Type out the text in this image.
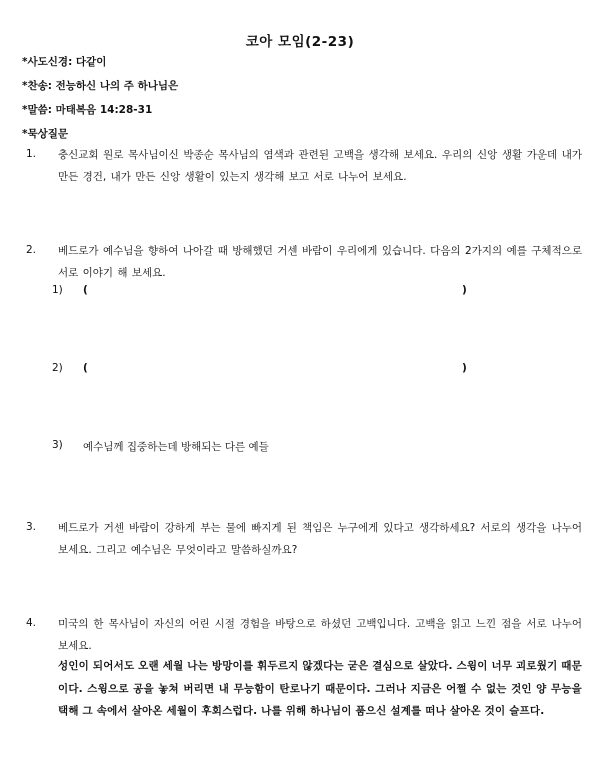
코아 모임(2-23)
*사도신경: 다같이
*찬송: 전능하신 나의 주 하나님은
*말씀: 마태복음 14:28-31
*묵상질문
1.	충신교회 원로 목사님이신 박종순 목사님의 염색과 관련된 고백을 생각해 보세요. 우리의 신앙 생활 가운데 내가 만든 경건, 내가 만든 신앙 생활이 있는지 생각해 보고 서로 나누어 보세요.
2.	베드로가 예수님을 향하여 나아갈 때 방해했던 거센 바람이 우리에게 있습니다. 다음의 2가지의 예를 구체적으로 서로 이야기 해 보세요.
1) (	)
2) (	)
3) 예수님께 집중하는데 방해되는 다른 예들
3.	베드로가 거센 바람이 강하게 부는 물에 빠지게 된 책임은 누구에게 있다고 생각하세요? 서로의 생각을 나누어 보세요. 그리고 예수님은 무엇이라고 말씀하실까요?
4.	미국의 한 목사님이 자신의 어린 시절 경험을 바탕으로 하셨던 고백입니다. 고백을 읽고 느낀 점을 서로 나누어 보세요.
성인이 되어서도 오랜 세월 나는 방망이를 휘두르지 않겠다는 굳은 결심으로 살았다. 스윙이 너무 괴로웠기 때문이다. 스윙으로 공을 놓쳐 버리면 내 무능함이 탄로나기 때문이다. 그러나 지금은 어쩔 수 없는 것인 양 무능을 택해 그 속에서 살아온 세월이 후회스럽다. 나를 위해 하나님이 품으신 설계를 떠나 살아온 것이 슬프다.
